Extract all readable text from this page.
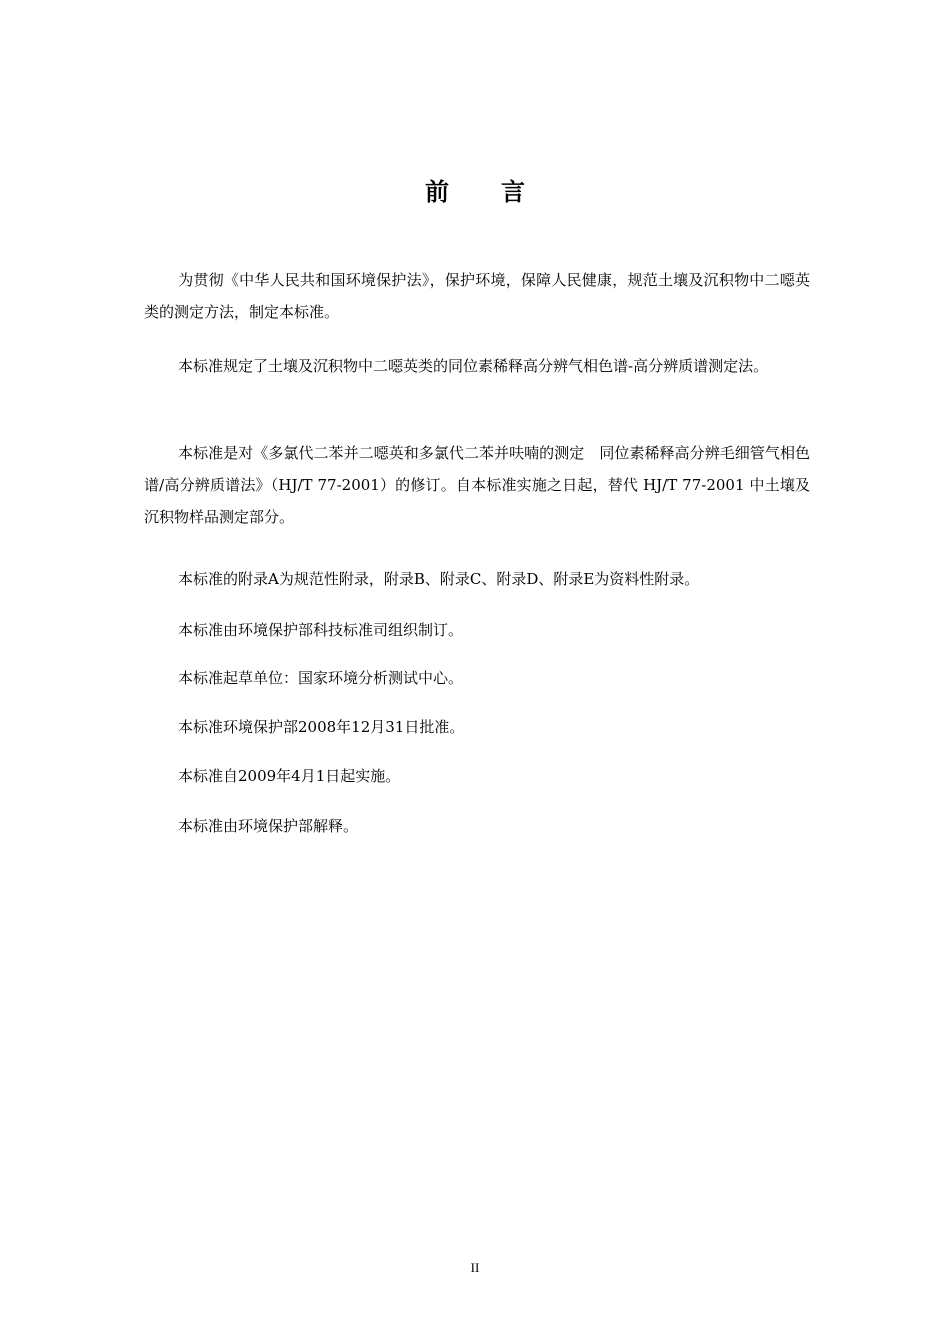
前 言
为贯彻《中华人民共和国环境保护法》，保护环境，保障人民健康，规范土壤及沉积物中二噁英类的测定方法，制定本标准。
本标准规定了土壤及沉积物中二噁英类的同位素稀释高分辨气相色谱-高分辨质谱测定法。
本标准是对《多氯代二苯并二噁英和多氯代二苯并呋喃的测定　同位素稀释高分辨毛细管气相色谱/高分辨质谱法》（HJ/T 77-2001）的修订。自本标准实施之日起，替代 HJ/T 77-2001 中土壤及沉积物样品测定部分。
本标准的附录A为规范性附录，附录B、附录C、附录D、附录E为资料性附录。
本标准由环境保护部科技标准司组织制订。
本标准起草单位：国家环境分析测试中心。
本标准环境保护部2008年12月31日批准。
本标准自2009年4月1日起实施。
本标准由环境保护部解释。
II
